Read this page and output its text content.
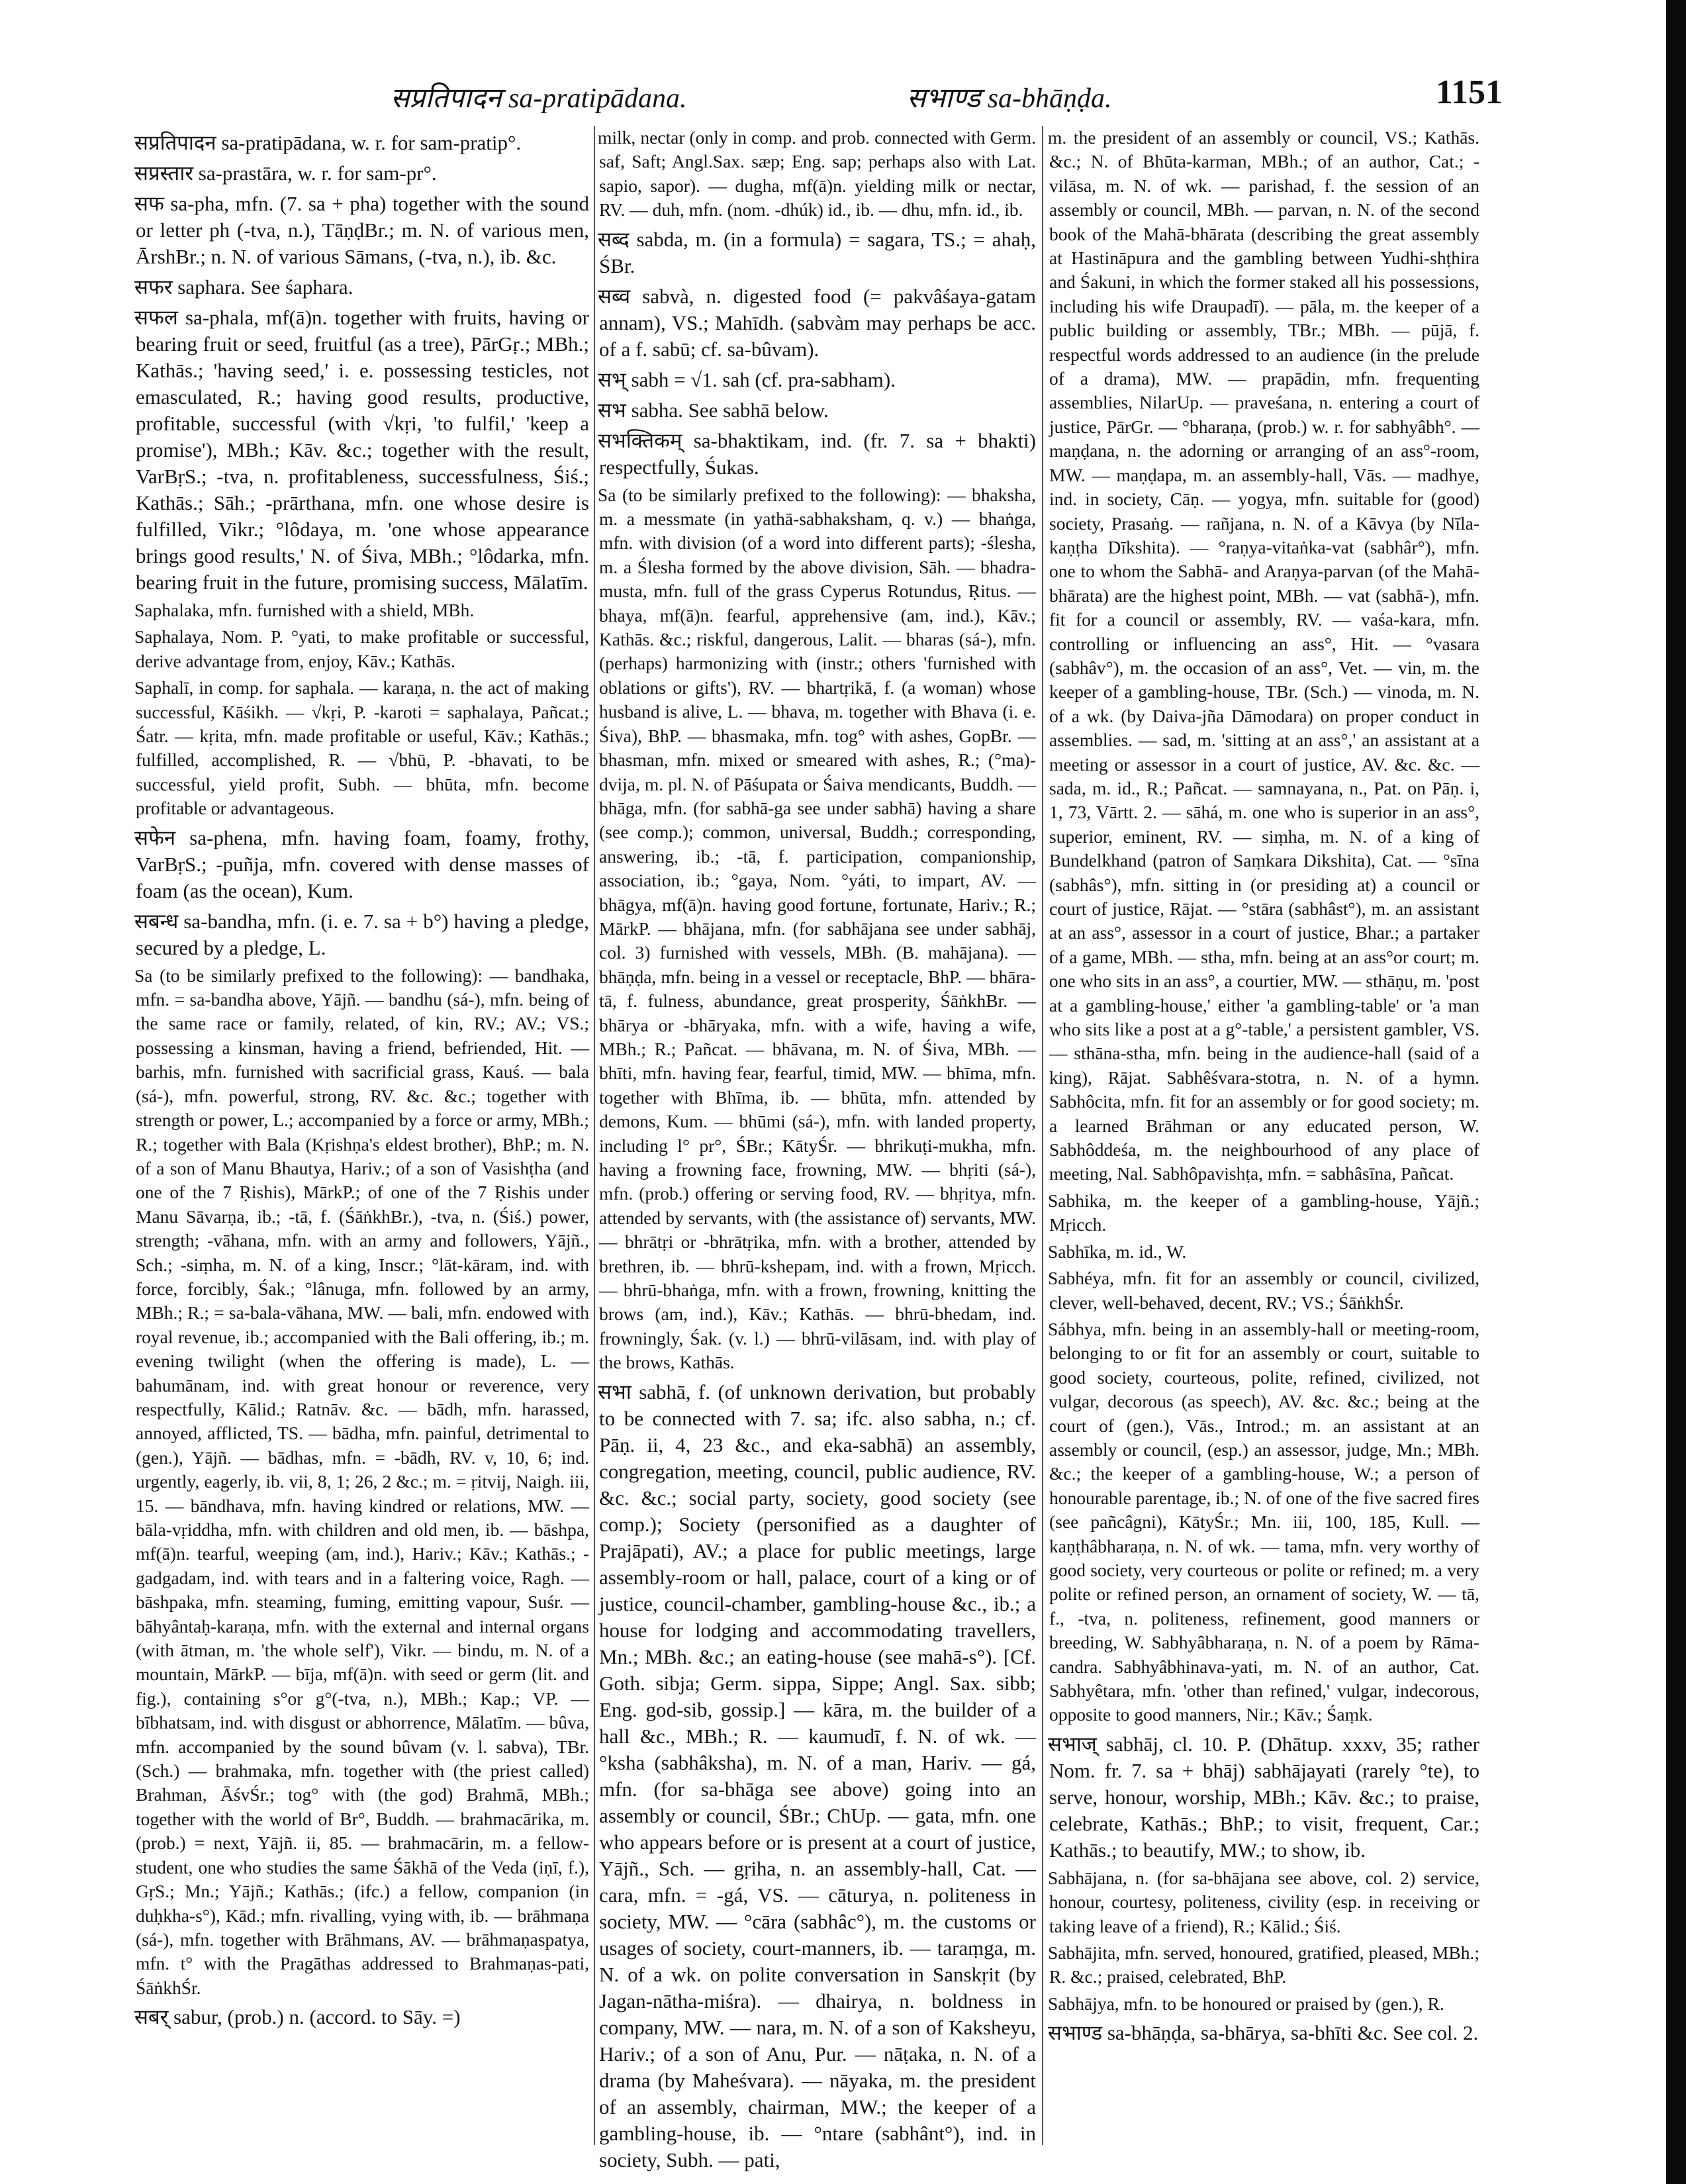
सप्रतिपादन sa-pratipādana.	सभाण्ड sa-bhāṇḍa.	1151

सप्रतिपादन sa-pratipādana, w. r. for sam-pratip°.

सप्रस्तार sa-prastāra, w. r. for sam-pr°.

सफ sa-pha, mfn. (7. sa + pha) together with the sound or letter ph (-tva, n.), TāṇḍBr.; m. N. of various men, ĀrshBr.; n. N. of various Sāmans, (-tva, n.), ib. &c.

सफर saphara. See śaphara.

सफल sa-phala, mf(ā)n. together with fruits, having or bearing fruit or seed, fruitful (as a tree), PārGṛ.; MBh.; Kathās.; 'having seed,' i. e. possessing testicles, not emasculated, R.; having good results, productive, profitable, successful (with √kṛi, 'to fulfil,' 'keep a promise'), MBh.; Kāv. &c.; together with the result, VarBṛS.; -tva, n. profitableness, successfulness, Śiś.; Kathās.; Sāh.; -prārthana, mfn. one whose desire is fulfilled, Vikr.; °lôdaya, m. 'one whose appearance brings good results,' N. of Śiva, MBh.; °lôdarka, mfn. bearing fruit in the future, promising success, Mālatīm.

Saphalaka, mfn. furnished with a shield, MBh.

Saphalaya, Nom. P. °yati, to make profitable or successful, derive advantage from, enjoy, Kāv.; Kathās.

Saphalī, in comp. for saphala. — karaṇa, n. the act of making successful, Kāśikh. — √kṛi, P. -karoti = saphalaya, Pañcat.; Śatr. — kṛita, mfn. made profitable or useful, Kāv.; Kathās.; fulfilled, accomplished, R. — √bhū, P. -bhavati, to be successful, yield profit, Subh. — bhūta, mfn. become profitable or advantageous.

सफेन sa-phena, mfn. having foam, foamy, frothy, VarBṛS.; -puñja, mfn. covered with dense masses of foam (as the ocean), Kum.

सबन्ध sa-bandha, mfn. (i. e. 7. sa + b°) having a pledge, secured by a pledge, L.

Sa (to be similarly prefixed to the following): — bandhaka, mfn. = sa-bandha above, Yājñ. — bandhu (sá-), mfn. being of the same race or family, related, of kin, RV.; AV.; VS.; possessing a kinsman, having a friend, befriended, Hit. — barhis, mfn. furnished with sacrificial grass, Kauś. — bala (sá-), mfn. powerful, strong, RV. &c. &c.; together with strength or power, L.; accompanied by a force or army, MBh.; R.; together with Bala (Kṛishṇa's eldest brother), BhP.; m. N. of a son of Manu Bhautya, Hariv.; of a son of Vasishṭha (and one of the 7 Ṛishis), MārkP.; of one of the 7 Ṛishis under Manu Sāvarṇa, ib.; -tā, f. (ŚāṅkhBr.), -tva, n. (Śiś.) power, strength; -vāhana, mfn. with an army and followers, Yājñ., Sch.; -siṃha, m. N. of a king, Inscr.; °lāt-kāram, ind. with force, forcibly, Śak.; °lânuga, mfn. followed by an army, MBh.; R.; = sa-bala-vāhana, MW. — bali, mfn. endowed with royal revenue, ib.; accompanied with the Bali offering, ib.; m. evening twilight (when the offering is made), L. — bahumānam, ind. with great honour or reverence, very respectfully, Kālid.; Ratnāv. &c. — bādh, mfn. harassed, annoyed, afflicted, TS. — bādha, mfn. painful, detrimental to (gen.), Yājñ. — bādhas, mfn. = -bādh, RV. v, 10, 6; ind. urgently, eagerly, ib. vii, 8, 1; 26, 2 &c.; m. = ṛitvij, Naigh. iii, 15. — bāndhava, mfn. having kindred or relations, MW. — bāla-vṛiddha, mfn. with children and old men, ib. — bāshpa, mf(ā)n. tearful, weeping (am, ind.), Hariv.; Kāv.; Kathās.; -gadgadam, ind. with tears and in a faltering voice, Ragh. — bāshpaka, mfn. steaming, fuming, emitting vapour, Suśr. — bāhyântaḥ-karaṇa, mfn. with the external and internal organs (with ātman, m. 'the whole self'), Vikr. — bindu, m. N. of a mountain, MārkP. — bīja, mf(ā)n. with seed or germ (lit. and fig.), containing s°or g°(-tva, n.), MBh.; Kap.; VP. — bībhatsam, ind. with disgust or abhorrence, Mālatīm. — bûva, mfn. accompanied by the sound bûvam (v. l. sabva), TBr. (Sch.) — brahmaka, mfn. together with (the priest called) Brahman, ĀśvŚr.; tog° with (the god) Brahmā, MBh.; together with the world of Br°, Buddh. — brahmacārika, m. (prob.) = next, Yājñ. ii, 85. — brahmacārin, m. a fellow-student, one who studies the same Śākhā of the Veda (iṇī, f.), GṛS.; Mn.; Yājñ.; Kathās.; (ifc.) a fellow, companion (in duḥkha-s°), Kād.; mfn. rivalling, vying with, ib. — brāhmaṇa (sá-), mfn. together with Brāhmans, AV. — brāhmaṇaspatya, mfn. t° with the Pragāthas addressed to Brahmaṇas-pati, ŚāṅkhŚr.

सबर् sabur, (prob.) n. (accord. to Sāy. =)

milk, nectar (only in comp. and prob. connected with Germ. saf, Saft; Angl.Sax. sæp; Eng. sap; perhaps also with Lat. sapio, sapor). — dugha, mf(ā)n. yielding milk or nectar, RV. — duh, mfn. (nom. -dhúk) id., ib. — dhu, mfn. id., ib.

सब्द sabda, m. (in a formula) = sagara, TS.; = ahaḥ, ŚBr.

सब्व sabvà, n. digested food (= pakvâśaya-gatam annam), VS.; Mahīdh. (sabvàm may perhaps be acc. of a f. sabū; cf. sa-bûvam).

सभ् sabh = √1. sah (cf. pra-sabham).

सभ sabha. See sabhā below.

सभक्तिकम् sa-bhaktikam, ind. (fr. 7. sa + bhakti) respectfully, Śukas.

Sa (to be similarly prefixed to the following): — bhaksha, m. a messmate (in yathā-sabhaksham, q. v.) — bhaṅga, mfn. with division (of a word into different parts); -ślesha, m. a Ślesha formed by the above division, Sāh. — bhadra-musta, mfn. full of the grass Cyperus Rotundus, Ṛitus. — bhaya, mf(ā)n. fearful, apprehensive (am, ind.), Kāv.; Kathās. &c.; riskful, dangerous, Lalit. — bharas (sá-), mfn. (perhaps) harmonizing with (instr.; others 'furnished with oblations or gifts'), RV. — bhartṛikā, f. (a woman) whose husband is alive, L. — bhava, m. together with Bhava (i. e. Śiva), BhP. — bhasmaka, mfn. tog° with ashes, GopBr. — bhasman, mfn. mixed or smeared with ashes, R.; (°ma)-dvija, m. pl. N. of Pāśupata or Śaiva mendicants, Buddh. — bhāga, mfn. (for sabhā-ga see under sabhā) having a share (see comp.); common, universal, Buddh.; corresponding, answering, ib.; -tā, f. participation, companionship, association, ib.; °gaya, Nom. °yáti, to impart, AV. — bhāgya, mf(ā)n. having good fortune, fortunate, Hariv.; R.; MārkP. — bhājana, mfn. (for sabhājana see under sabhāj, col. 3) furnished with vessels, MBh. (B. mahājana). — bhāṇḍa, mfn. being in a vessel or receptacle, BhP. — bhāra-tā, f. fulness, abundance, great prosperity, ŚāṅkhBr. — bhārya or -bhāryaka, mfn. with a wife, having a wife, MBh.; R.; Pañcat. — bhāvana, m. N. of Śiva, MBh. — bhīti, mfn. having fear, fearful, timid, MW. — bhīma, mfn. together with Bhīma, ib. — bhūta, mfn. attended by demons, Kum. — bhūmi (sá-), mfn. with landed property, including l° pr°, ŚBr.; KātyŚr. — bhrikuṭi-mukha, mfn. having a frowning face, frowning, MW. — bhṛiti (sá-), mfn. (prob.) offering or serving food, RV. — bhṛitya, mfn. attended by servants, with (the assistance of) servants, MW. — bhrātṛi or -bhrātṛika, mfn. with a brother, attended by brethren, ib. — bhrū-kshepam, ind. with a frown, Mṛicch. — bhrū-bhaṅga, mfn. with a frown, frowning, knitting the brows (am, ind.), Kāv.; Kathās. — bhrū-bhedam, ind. frowningly, Śak. (v. l.) — bhrū-vilāsam, ind. with play of the brows, Kathās.

सभा sabhā, f. (of unknown derivation, but probably to be connected with 7. sa; ifc. also sabha, n.; cf. Pāṇ. ii, 4, 23 &c., and eka-sabhā) an assembly, congregation, meeting, council, public audience, RV. &c. &c.; social party, society, good society (see comp.); Society (personified as a daughter of Prajāpati), AV.; a place for public meetings, large assembly-room or hall, palace, court of a king or of justice, council-chamber, gambling-house &c., ib.; a house for lodging and accommodating travellers, Mn.; MBh. &c.; an eating-house (see mahā-s°). [Cf. Goth. sibja; Germ. sippa, Sippe; Angl. Sax. sibb; Eng. god-sib, gossip.] — kāra, m. the builder of a hall &c., MBh.; R. — kaumudī, f. N. of wk. — °ksha (sabhâksha), m. N. of a man, Hariv. — gá, mfn. (for sa-bhāga see above) going into an assembly or council, ŚBr.; ChUp. — gata, mfn. one who appears before or is present at a court of justice, Yājñ., Sch. — gṛiha, n. an assembly-hall, Cat. — cara, mfn. = -gá, VS. — cāturya, n. politeness in society, MW. — °cāra (sabhâc°), m. the customs or usages of society, court-manners, ib. — taraṃga, m. N. of a wk. on polite conversation in Sanskṛit (by Jagan-nātha-miśra). — dhairya, n. boldness in company, MW. — nara, m. N. of a son of Kaksheyu, Hariv.; of a son of Anu, Pur. — nāṭaka, n. N. of a drama (by Maheśvara). — nāyaka, m. the president of an assembly, chairman, MW.; the keeper of a gambling-house, ib. — °ntare (sabhânt°), ind. in society, Subh. — pati,

m. the president of an assembly or council, VS.; Kathās. &c.; N. of Bhūta-karman, MBh.; of an author, Cat.; -vilāsa, m. N. of wk. — parishad, f. the session of an assembly or council, MBh. — parvan, n. N. of the second book of the Mahā-bhārata (describing the great assembly at Hastināpura and the gambling between Yudhi-shṭhira and Śakuni, in which the former staked all his possessions, including his wife Draupadī). — pāla, m. the keeper of a public building or assembly, TBr.; MBh. — pūjā, f. respectful words addressed to an audience (in the prelude of a drama), MW. — prapādin, mfn. frequenting assemblies, NilarUp. — praveśana, n. entering a court of justice, PārGr. — °bharaṇa, (prob.) w. r. for sabhyâbh°. — maṇḍana, n. the adorning or arranging of an ass°-room, MW. — maṇḍapa, m. an assembly-hall, Vās. — madhye, ind. in society, Cāṇ. — yogya, mfn. suitable for (good) society, Prasaṅg. — rañjana, n. N. of a Kāvya (by Nīla-kaṇṭha Dīkshita). — °raṇya-vitaṅka-vat (sabhâr°), mfn. one to whom the Sabhā- and Araṇya-parvan (of the Mahā-bhārata) are the highest point, MBh. — vat (sabhā-), mfn. fit for a council or assembly, RV. — vaśa-kara, mfn. controlling or influencing an ass°, Hit. — °vasara (sabhâv°), m. the occasion of an ass°, Vet. — vin, m. the keeper of a gambling-house, TBr. (Sch.) — vinoda, m. N. of a wk. (by Daiva-jña Dāmodara) on proper conduct in assemblies. — sad, m. 'sitting at an ass°,' an assistant at a meeting or assessor in a court of justice, AV. &c. &c. — sada, m. id., R.; Pañcat. — samnayana, n., Pat. on Pāṇ. i, 1, 73, Vārtt. 2. — sāhá, m. one who is superior in an ass°, superior, eminent, RV. — siṃha, m. N. of a king of Bundelkhand (patron of Saṃkara Dikshita), Cat. — °sīna (sabhâs°), mfn. sitting in (or presiding at) a council or court of justice, Rājat. — °stāra (sabhâst°), m. an assistant at an ass°, assessor in a court of justice, Bhar.; a partaker of a game, MBh. — stha, mfn. being at an ass°or court; m. one who sits in an ass°, a courtier, MW. — sthāṇu, m. 'post at a gambling-house,' either 'a gambling-table' or 'a man who sits like a post at a g°-table,' a persistent gambler, VS. — sthāna-stha, mfn. being in the audience-hall (said of a king), Rājat. Sabhêśvara-stotra, n. N. of a hymn. Sabhôcita, mfn. fit for an assembly or for good society; m. a learned Brāhman or any educated person, W. Sabhôddeśa, m. the neighbourhood of any place of meeting, Nal. Sabhôpavishṭa, mfn. = sabhâsīna, Pañcat.

Sabhika, m. the keeper of a gambling-house, Yājñ.; Mṛicch.

Sabhīka, m. id., W.

Sabhéya, mfn. fit for an assembly or council, civilized, clever, well-behaved, decent, RV.; VS.; ŚāṅkhŚr.

Sábhya, mfn. being in an assembly-hall or meeting-room, belonging to or fit for an assembly or court, suitable to good society, courteous, polite, refined, civilized, not vulgar, decorous (as speech), AV. &c. &c.; being at the court of (gen.), Vās., Introd.; m. an assistant at an assembly or council, (esp.) an assessor, judge, Mn.; MBh. &c.; the keeper of a gambling-house, W.; a person of honourable parentage, ib.; N. of one of the five sacred fires (see pañcâgni), KātyŚr.; Mn. iii, 100, 185, Kull. — kaṇṭhâbharaṇa, n. N. of wk. — tama, mfn. very worthy of good society, very courteous or polite or refined; m. a very polite or refined person, an ornament of society, W. — tā, f., -tva, n. politeness, refinement, good manners or breeding, W. Sabhyâbharaṇa, n. N. of a poem by Rāma-candra. Sabhyâbhinava-yati, m. N. of an author, Cat. Sabhyêtara, mfn. 'other than refined,' vulgar, indecorous, opposite to good manners, Nir.; Kāv.; Śaṃk.

सभाज् sabhāj, cl. 10. P. (Dhātup. xxxv, 35; rather Nom. fr. 7. sa + bhāj) sabhājayati (rarely °te), to serve, honour, worship, MBh.; Kāv. &c.; to praise, celebrate, Kathās.; BhP.; to visit, frequent, Car.; Kathās.; to beautify, MW.; to show, ib.

Sabhājana, n. (for sa-bhājana see above, col. 2) service, honour, courtesy, politeness, civility (esp. in receiving or taking leave of a friend), R.; Kālid.; Śiś.

Sabhājita, mfn. served, honoured, gratified, pleased, MBh.; R. &c.; praised, celebrated, BhP.

Sabhājya, mfn. to be honoured or praised by (gen.), R.

सभाण्ड sa-bhāṇḍa, sa-bhārya, sa-bhīti &c. See col. 2.
